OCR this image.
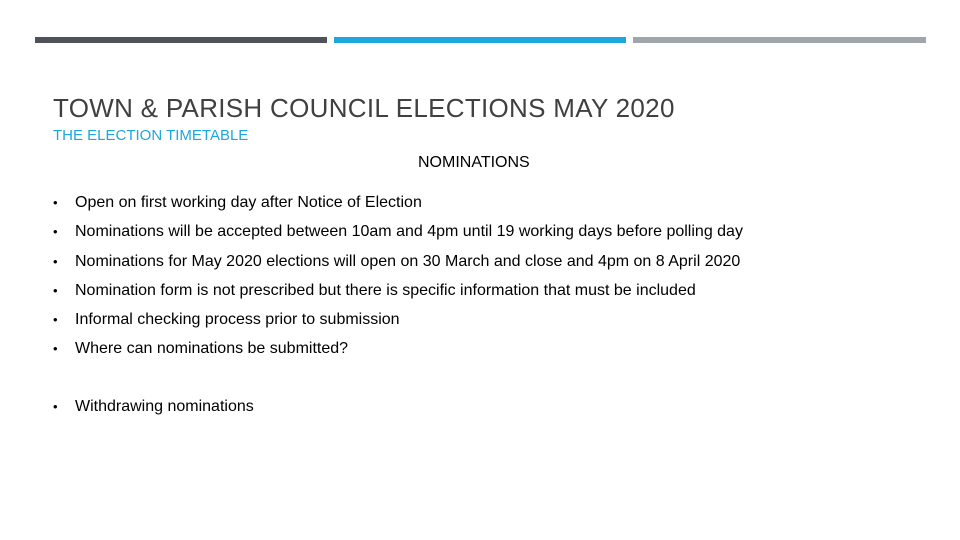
TOWN & PARISH COUNCIL ELECTIONS MAY 2020
THE ELECTION TIMETABLE
NOMINATIONS
• Open on first working day after Notice of Election
• Nominations will be accepted between 10am and 4pm until 19 working days before polling day
• Nominations for May 2020 elections will open on 30 March and close and 4pm on 8 April 2020
• Nomination form is not prescribed but there is specific information that must be included
• Informal checking process prior to submission
• Where can nominations be submitted?
• Withdrawing nominations
